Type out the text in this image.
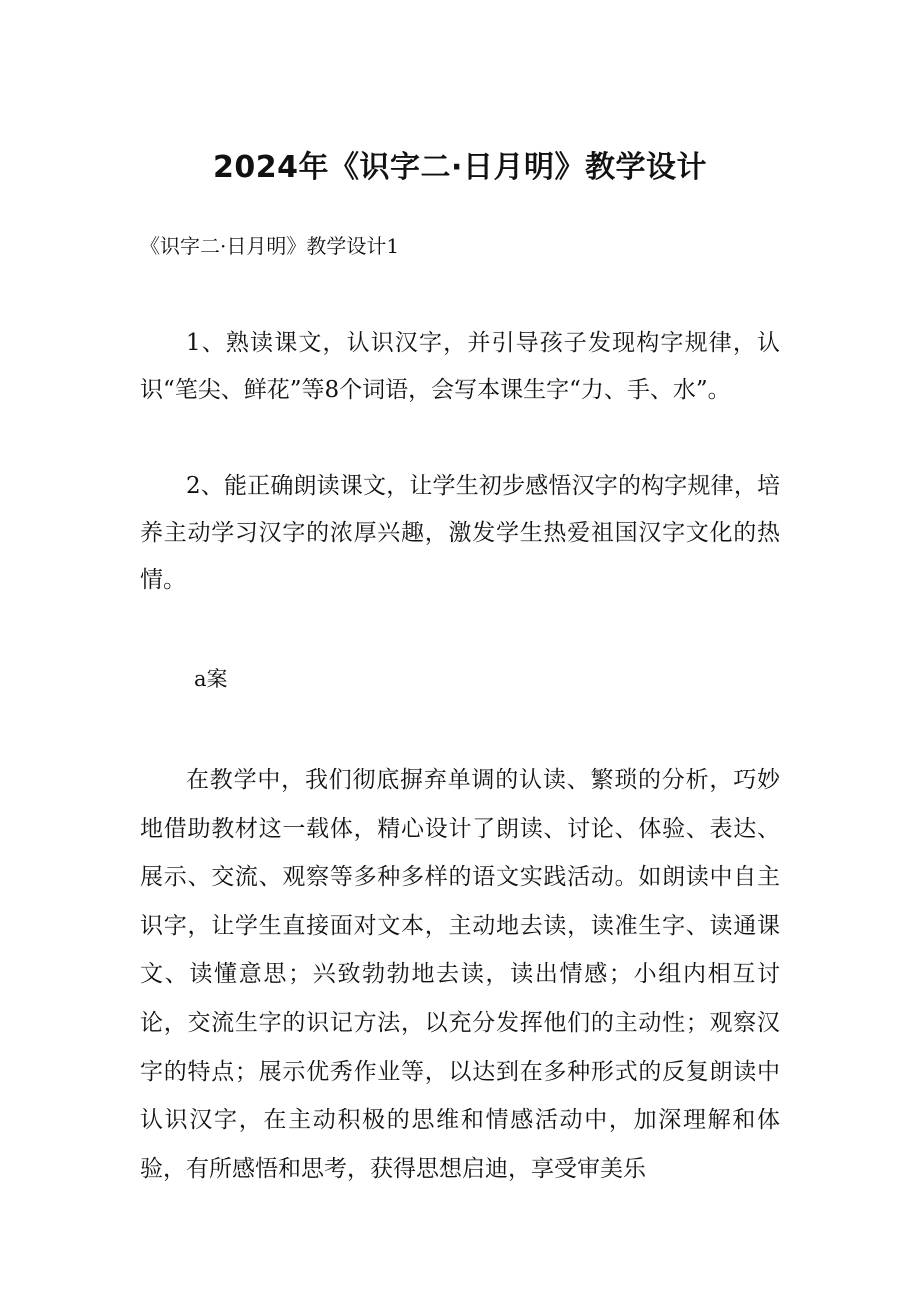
2024年《识字二·日月明》教学设计
《识字二·日月明》教学设计1

1、熟读课文，认识汉字，并引导孩子发现构字规律，认识“笔尖、鲜花”等8个词语，会写本课生字“力、手、水”。

2、能正确朗读课文，让学生初步感悟汉字的构字规律，培养主动学习汉字的浓厚兴趣，激发学生热爱祖国汉字文化的热情。

a案

在教学中，我们彻底摒弃单调的认读、繁琐的分析，巧妙地借助教材这一载体，精心设计了朗读、讨论、体验、表达、展示、交流、观察等多种多样的语文实践活动。如朗读中自主识字，让学生直接面对文本，主动地去读，读准生字、读通课文、读懂意思；兴致勃勃地去读，读出情感；小组内相互讨论，交流生字的识记方法，以充分发挥他们的主动性；观察汉字的特点；展示优秀作业等，以达到在多种形式的反复朗读中认识汉字，在主动积极的思维和情感活动中，加深理解和体验，有所感悟和思考，获得思想启迪，享受审美乐
